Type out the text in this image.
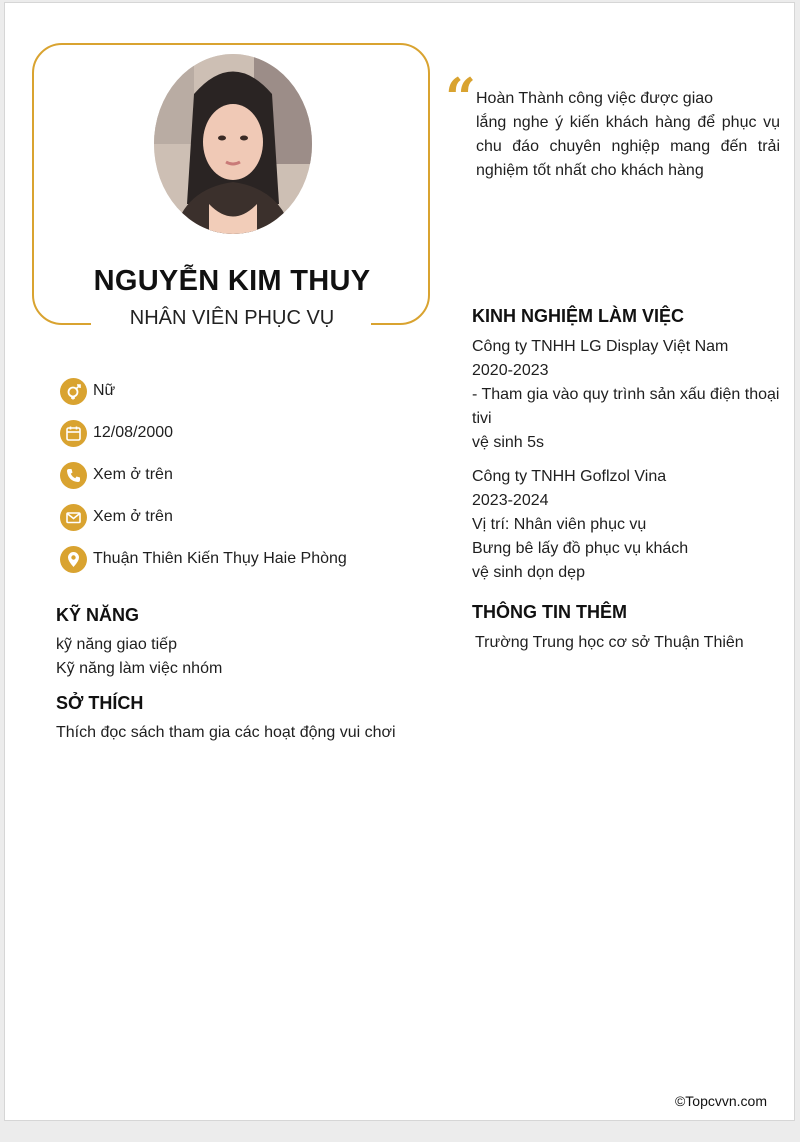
NGUYỄN KIM THUY
NHÂN VIÊN PHỤC VỤ
Nữ
12/08/2000
Xem ở trên
Xem ở trên
Thuận Thiên Kiến Thụy Haie Phòng
KỸ NĂNG
kỹ năng giao tiếp
Kỹ năng làm việc nhóm
SỞ THÍCH
Thích đọc sách tham gia các hoạt động vui chơi
“ Hoàn Thành công việc được giao
lắng nghe ý kiến khách hàng để phục vụ chu đáo chuyên nghiệp mang đến trải nghiệm tốt nhất cho khách hàng
KINH NGHIỆM LÀM VIỆC
Công ty TNHH LG Display Việt Nam
2020-2023
- Tham gia vào quy trình sản xấu điện thoại tivi
vệ sinh 5s
Công ty TNHH Goflzol Vina
2023-2024
Vị trí: Nhân viên phục vụ
Bưng bê lấy đồ phục vụ khách
vệ sinh dọn dẹp
THÔNG TIN THÊM
Trường Trung học cơ sở Thuận Thiên
©Topcvvn.com
